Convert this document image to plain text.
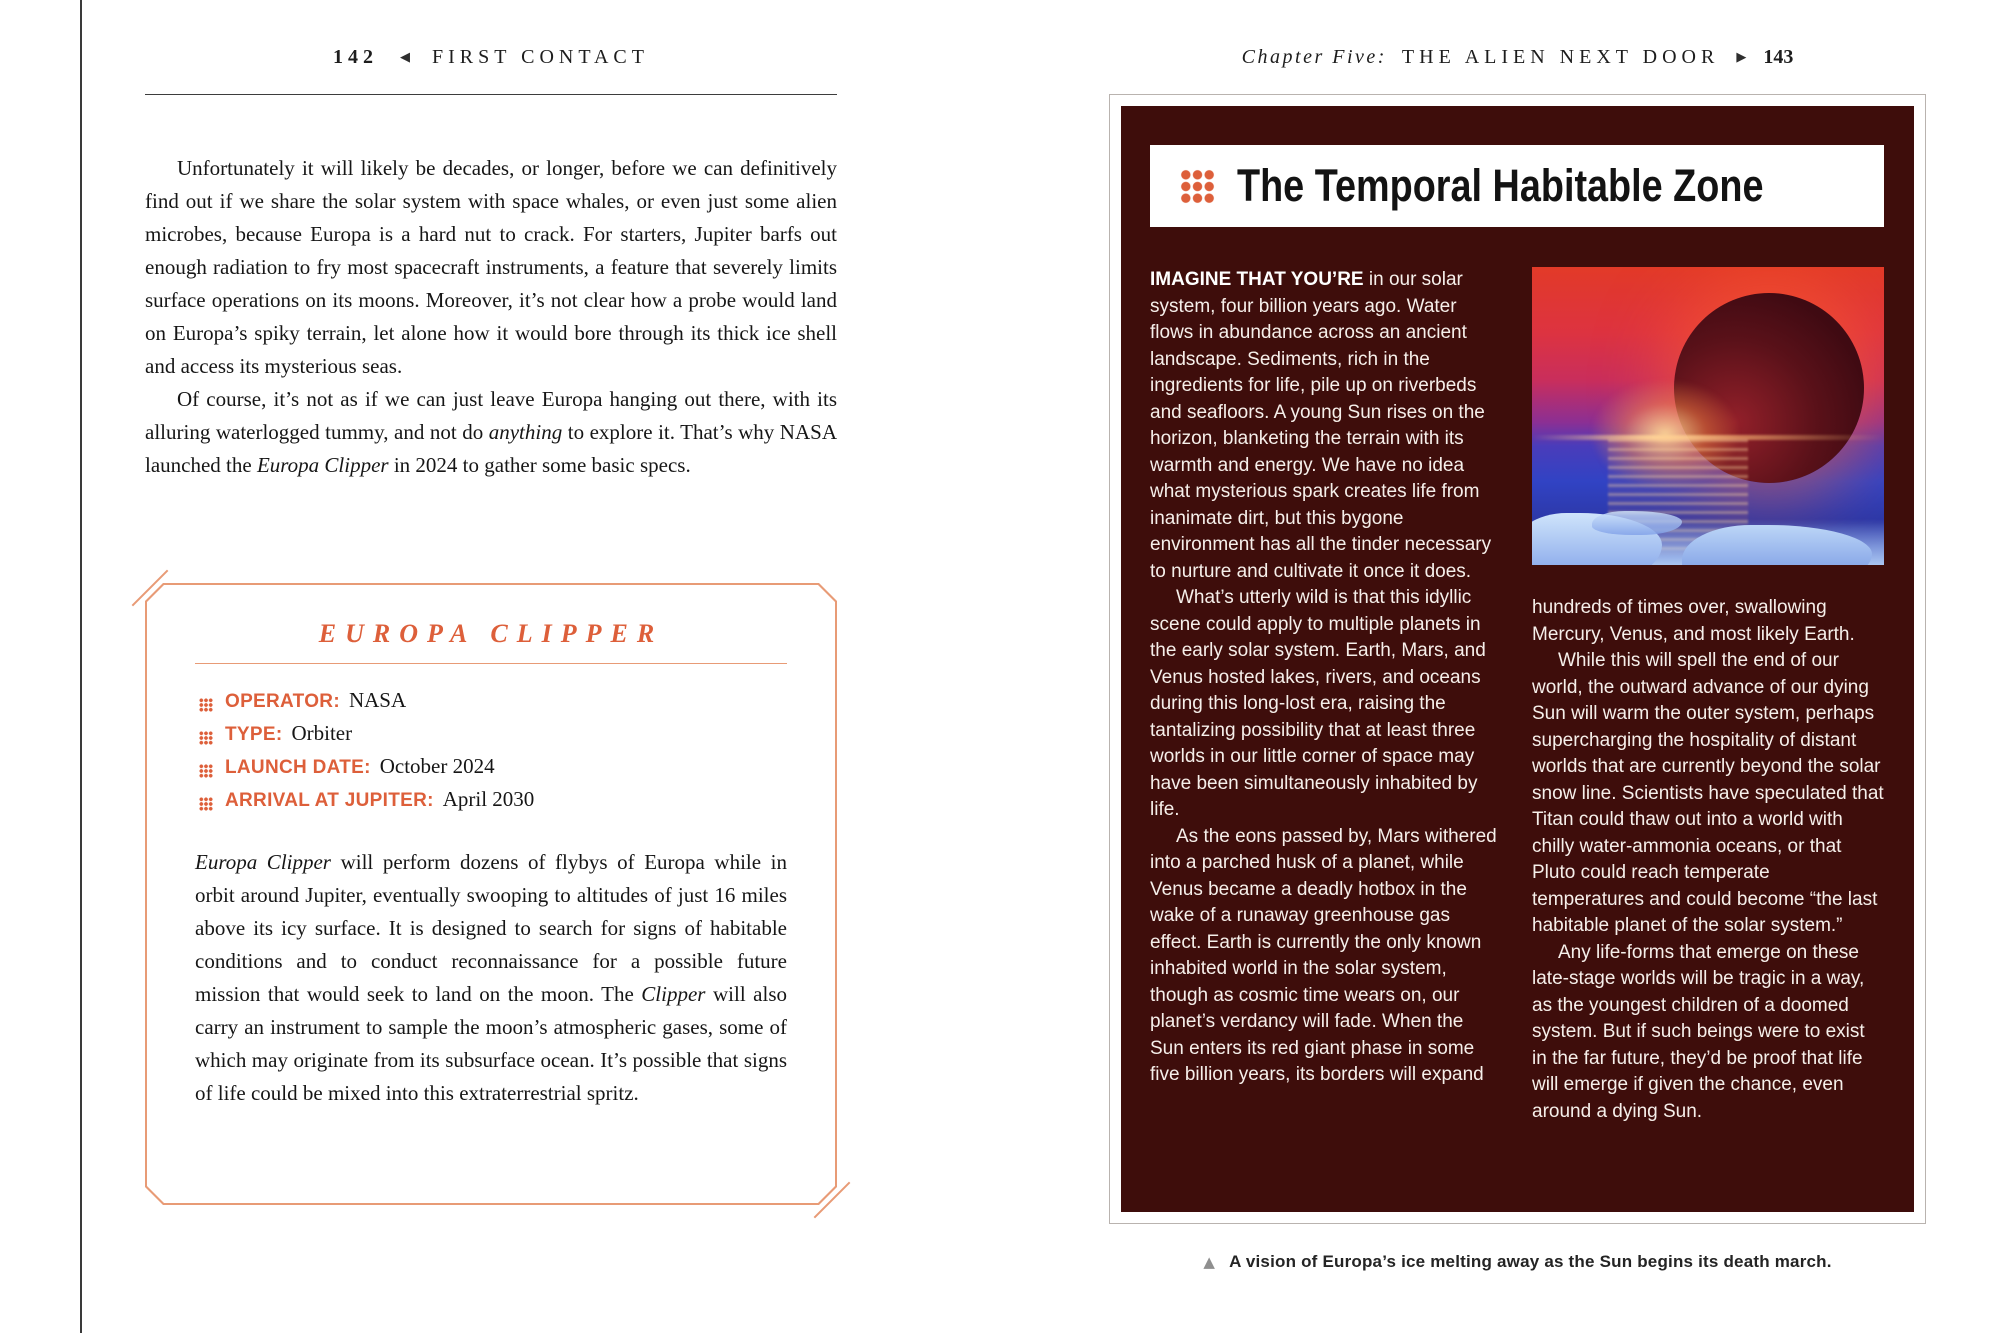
142 ◀ FIRST CONTACT

Unfortunately it will likely be decades, or longer, before we can definitively find out if we share the solar system with space whales, or even just some alien microbes, because Europa is a hard nut to crack. For starters, Jupiter barfs out enough radiation to fry most spacecraft instruments, a feature that severely limits surface operations on its moons. Moreover, it’s not clear how a probe would land on Europa’s spiky terrain, let alone how it would bore through its thick ice shell and access its mysterious seas.

Of course, it’s not as if we can just leave Europa hanging out there, with its alluring waterlogged tummy, and not do anything to explore it. That’s why NASA launched the Europa Clipper in 2024 to gather some basic specs.

EUROPA CLIPPER
OPERATOR: NASA
TYPE: Orbiter
LAUNCH DATE: October 2024
ARRIVAL AT JUPITER: April 2030

Europa Clipper will perform dozens of flybys of Europa while in orbit around Jupiter, eventually swooping to altitudes of just 16 miles above its icy surface. It is designed to search for signs of habitable conditions and to conduct reconnaissance for a possible future mission that would seek to land on the moon. The Clipper will also carry an instrument to sample the moon’s atmospheric gases, some of which may originate from its subsurface ocean. It’s possible that signs of life could be mixed into this extraterrestrial spritz.

Chapter Five: THE ALIEN NEXT DOOR ▶ 143
The Temporal Habitable Zone

IMAGINE THAT YOU’RE in our solar system, four billion years ago. Water flows in abundance across an ancient landscape. Sediments, rich in the ingredients for life, pile up on riverbeds and seafloors. A young Sun rises on the horizon, blanketing the terrain with its warmth and energy. We have no idea what mysterious spark creates life from inanimate dirt, but this bygone environment has all the tinder necessary to nurture and cultivate it once it does.

What’s utterly wild is that this idyllic scene could apply to multiple planets in the early solar system. Earth, Mars, and Venus hosted lakes, rivers, and oceans during this long-lost era, raising the tantalizing possibility that at least three worlds in our little corner of space may have been simultaneously inhabited by life.

As the eons passed by, Mars withered into a parched husk of a planet, while Venus became a deadly hotbox in the wake of a runaway greenhouse gas effect. Earth is currently the only known inhabited world in the solar system, though as cosmic time wears on, our planet’s verdancy will fade. When the Sun enters its red giant phase in some five billion years, its borders will expand

hundreds of times over, swallowing Mercury, Venus, and most likely Earth.

While this will spell the end of our world, the outward advance of our dying Sun will warm the outer system, perhaps supercharging the hospitality of distant worlds that are currently beyond the solar snow line. Scientists have speculated that Titan could thaw out into a world with chilly water-ammonia oceans, or that Pluto could reach temperate temperatures and could become “the last habitable planet of the solar system.”

Any life-forms that emerge on these late-stage worlds will be tragic in a way, as the youngest children of a doomed system. But if such beings were to exist in the far future, they’d be proof that life will emerge if given the chance, even around a dying Sun.

▲ A vision of Europa’s ice melting away as the Sun begins its death march.
